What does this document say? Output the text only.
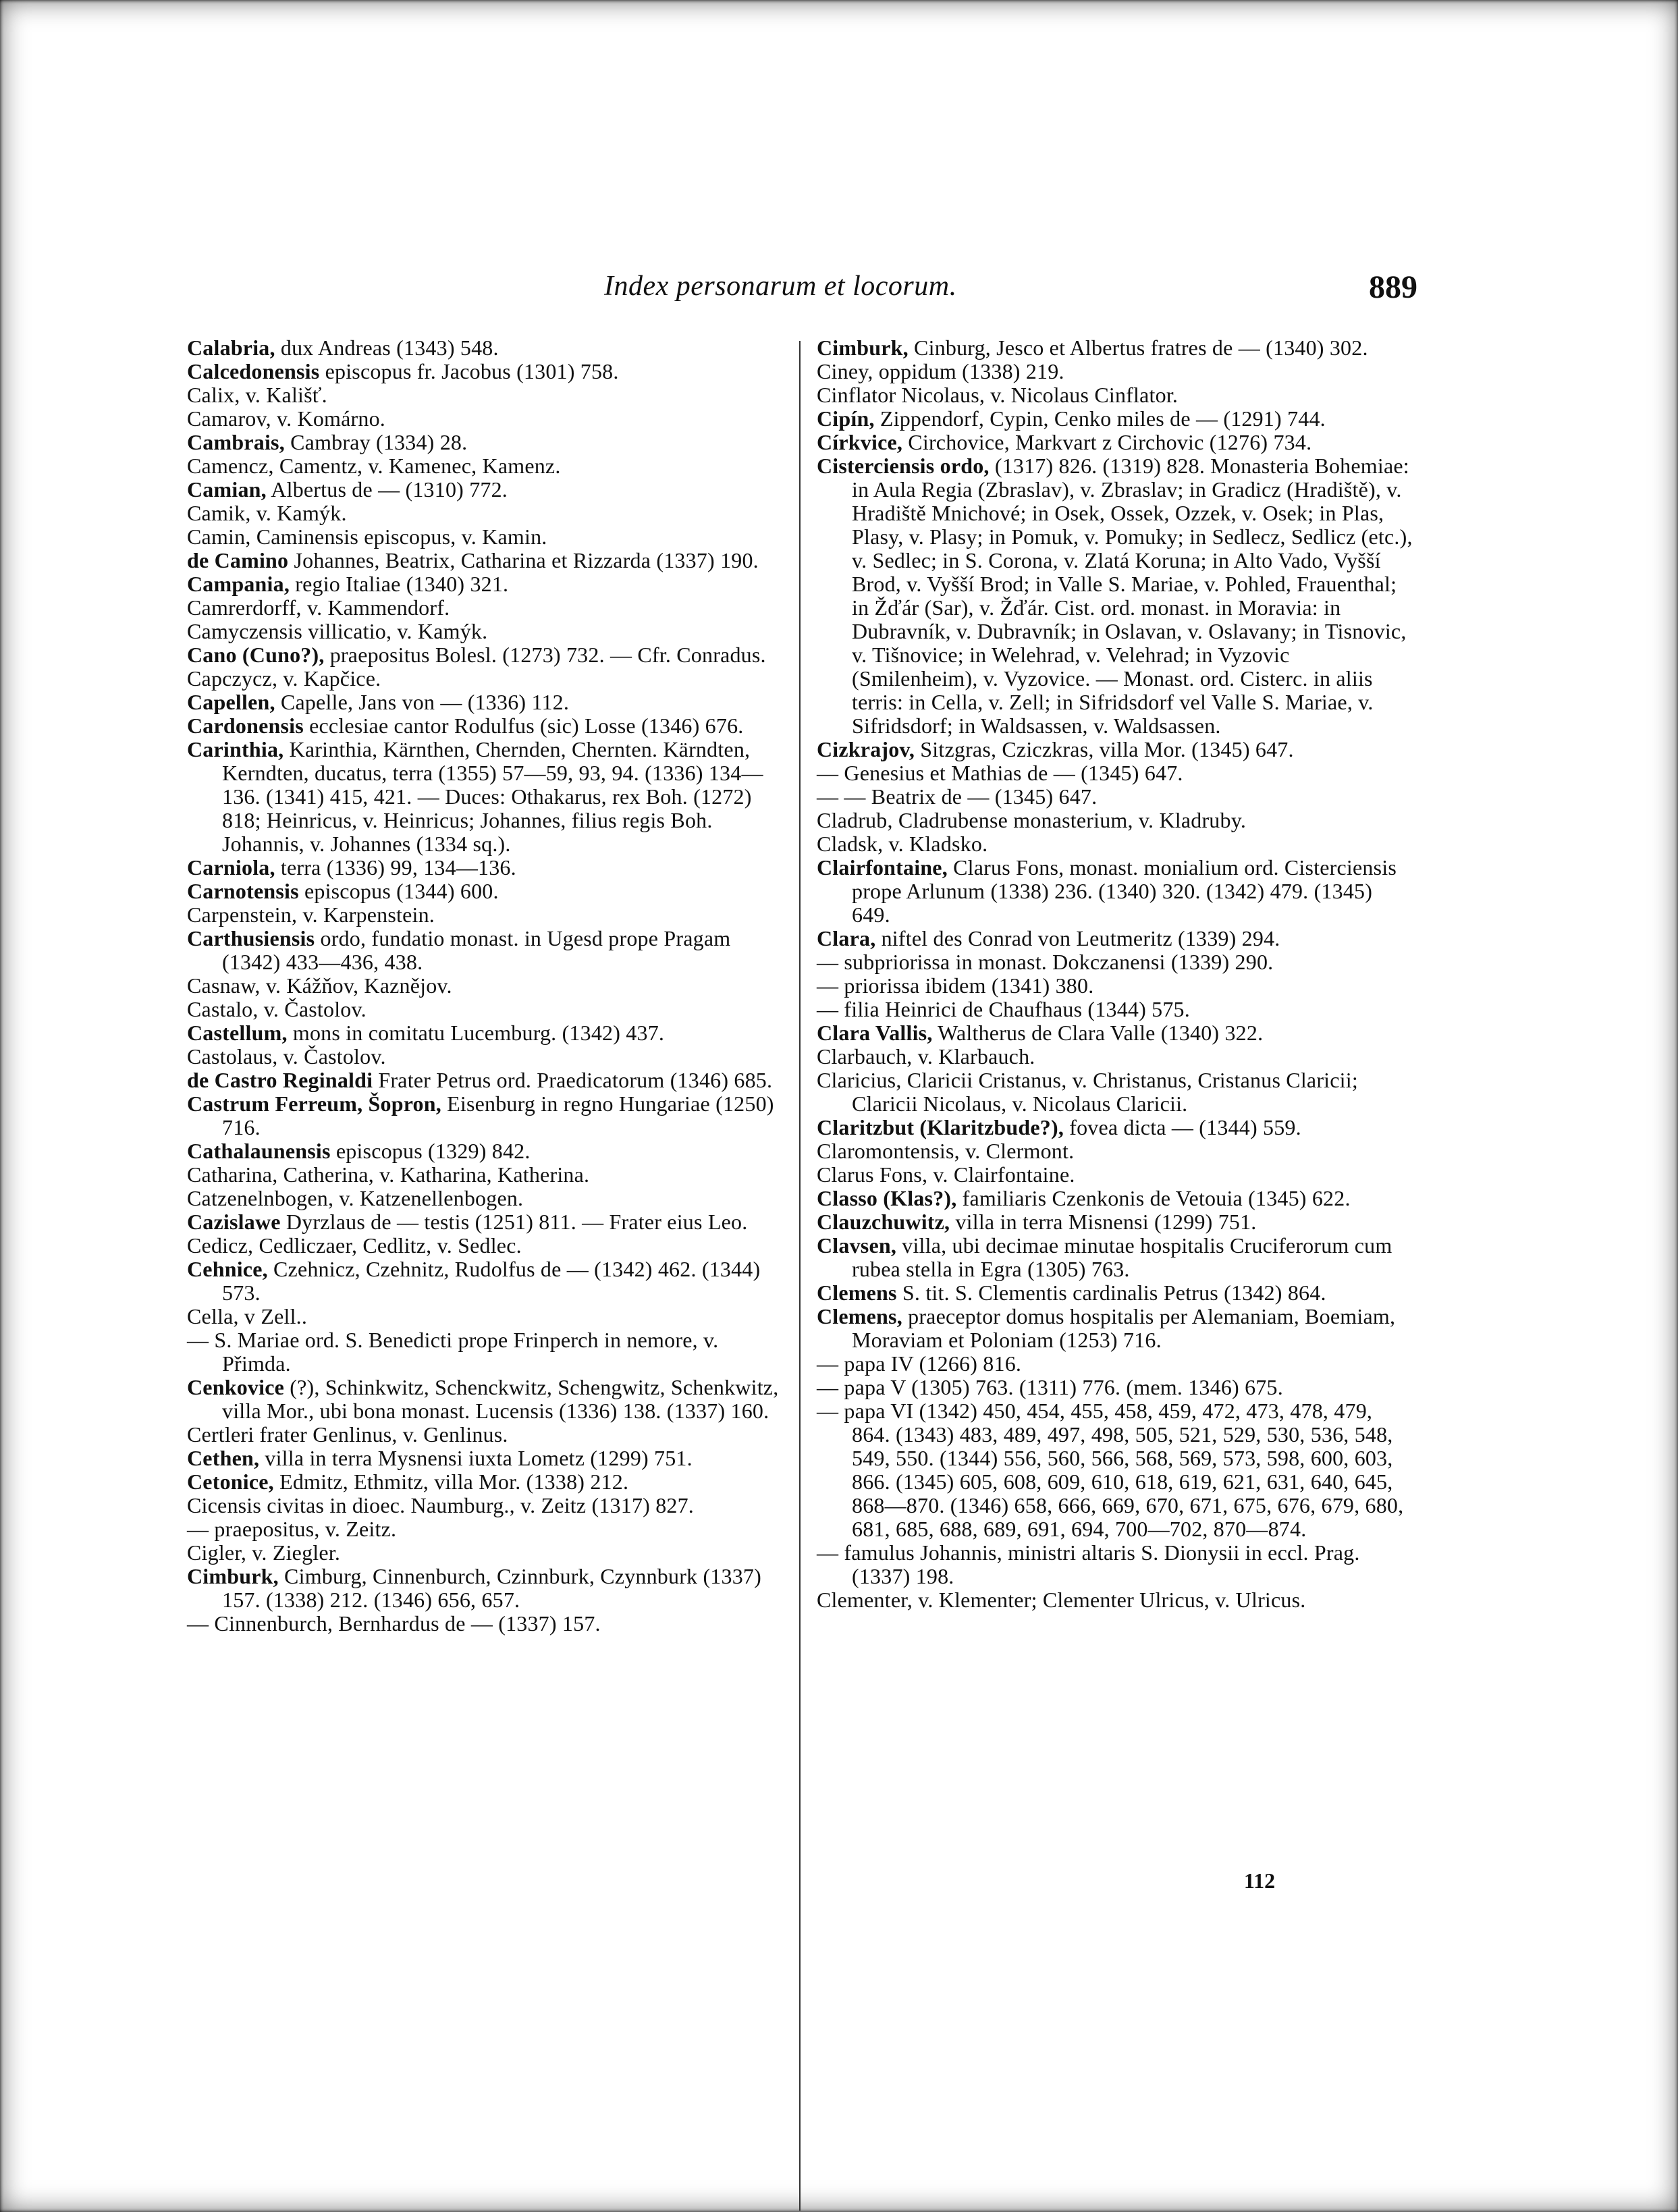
Index personarum et locorum.	889

Calabria, dux Andreas (1343) 548.

Calcedonensis episcopus fr. Jacobus (1301) 758.

Calix, v. Kališť.

Camarov, v. Komárno.

Cambrais, Cambray (1334) 28.

Camencz, Camentz, v. Kamenec, Kamenz.

Camian, Albertus de — (1310) 772.

Camik, v. Kamýk.

Camin, Caminensis episcopus, v. Kamin.

de Camino Johannes, Beatrix, Catharina et Rizzarda (1337) 190.

Campania, regio Italiae (1340) 321.

Camrerdorff, v. Kammendorf.

Camyczensis villicatio, v. Kamýk.

Cano (Cuno?), praepositus Bolesl. (1273) 732. — Cfr. Conradus.

Capczycz, v. Kapčice.

Capellen, Capelle, Jans von — (1336) 112.

Cardonensis ecclesiae cantor Rodulfus (sic) Losse (1346) 676.

Carinthia, Karinthia, Kärnthen, Chernden, Chernten. Kärndten, Kerndten, ducatus, terra (1355) 57—59, 93, 94. (1336) 134—136. (1341) 415, 421. — Duces: Othakarus, rex Boh. (1272) 818; Heinricus, v. Heinricus; Johannes, filius regis Boh. Johannis, v. Johannes (1334 sq.).

Carniola, terra (1336) 99, 134—136.

Carnotensis episcopus (1344) 600.

Carpenstein, v. Karpenstein.

Carthusiensis ordo, fundatio monast. in Ugesd prope Pragam (1342) 433—436, 438.

Casnaw, v. Kážňov, Kaznějov.

Castalo, v. Častolov.

Castellum, mons in comitatu Lucemburg. (1342) 437.

Castolaus, v. Častolov.

de Castro Reginaldi Frater Petrus ord. Praedicatorum (1346) 685.

Castrum Ferreum, Šopron, Eisenburg in regno Hungariae (1250) 716.

Cathalaunensis episcopus (1329) 842.

Catharina, Catherina, v. Katharina, Katherina.

Catzenelnbogen, v. Katzenellenbogen.

Cazislawe Dyrzlaus de — testis (1251) 811. — Frater eius Leo.

Cedicz, Cedliczaer, Cedlitz, v. Sedlec.

Cehnice, Czehnicz, Czehnitz, Rudolfus de — (1342) 462. (1344) 573.

Cella, v Zell..

— S. Mariae ord. S. Benedicti prope Frinperch in nemore, v. Přimda.

Cenkovice (?), Schinkwitz, Schenckwitz, Schengwitz, Schenkwitz, villa Mor., ubi bona monast. Lucensis (1336) 138. (1337) 160.

Certleri frater Genlinus, v. Genlinus.

Cethen, villa in terra Mysnensi iuxta Lometz (1299) 751.

Cetonice, Edmitz, Ethmitz, villa Mor. (1338) 212.

Cicensis civitas in dioec. Naumburg., v. Zeitz (1317) 827.

— praepositus, v. Zeitz.

Cigler, v. Ziegler.

Cimburk, Cimburg, Cinnenburch, Czinnburk, Czynnburk (1337) 157. (1338) 212. (1346) 656, 657.

— Cinnenburch, Bernhardus de — (1337) 157.

Cimburk, Cinburg, Jesco et Albertus fratres de — (1340) 302.

Ciney, oppidum (1338) 219.

Cinflator Nicolaus, v. Nicolaus Cinflator.

Cipín, Zippendorf, Cypin, Cenko miles de — (1291) 744.

Církvice, Circhovice, Markvart z Circhovic (1276) 734.

Cisterciensis ordo, (1317) 826. (1319) 828. Monasteria Bohemiae: in Aula Regia (Zbraslav), v. Zbraslav; in Gradicz (Hradiště), v. Hradiště Mnichové; in Osek, Ossek, Ozzek, v. Osek; in Plas, Plasy, v. Plasy; in Pomuk, v. Pomuky; in Sedlecz, Sedlicz (etc.), v. Sedlec; in S. Corona, v. Zlatá Koruna; in Alto Vado, Vyšší Brod, v. Vyšší Brod; in Valle S. Mariae, v. Pohled, Frauenthal; in Žďár (Sar), v. Žďár. Cist. ord. monast. in Moravia: in Dubravník, v. Dubravník; in Oslavan, v. Oslavany; in Tisnovic, v. Tišnovice; in Welehrad, v. Velehrad; in Vyzovic (Smilenheim), v. Vyzovice. — Monast. ord. Cisterc. in aliis terris: in Cella, v. Zell; in Sifridsdorf vel Valle S. Mariae, v. Sifridsdorf; in Waldsassen, v. Waldsassen.

Cizkrajov, Sitzgras, Cziczkras, villa Mor. (1345) 647.

— Genesius et Mathias de — (1345) 647.

— — Beatrix de — (1345) 647.

Cladrub, Cladrubense monasterium, v. Kladruby.

Cladsk, v. Kladsko.

Clairfontaine, Clarus Fons, monast. monialium ord. Cisterciensis prope Arlunum (1338) 236. (1340) 320. (1342) 479. (1345) 649.

Clara, niftel des Conrad von Leutmeritz (1339) 294.

— subpriorissa in monast. Dokczanensi (1339) 290.

— priorissa ibidem (1341) 380.

— filia Heinrici de Chaufhaus (1344) 575.

Clara Vallis, Waltherus de Clara Valle (1340) 322.

Clarbauch, v. Klarbauch.

Claricius, Claricii Cristanus, v. Christanus, Cristanus Claricii; Claricii Nicolaus, v. Nicolaus Claricii.

Claritzbut (Klaritzbude?), fovea dicta — (1344) 559.

Claromontensis, v. Clermont.

Clarus Fons, v. Clairfontaine.

Classo (Klas?), familiaris Czenkonis de Vetouia (1345) 622.

Clauzchuwitz, villa in terra Misnensi (1299) 751.

Clavsen, villa, ubi decimae minutae hospitalis Cruciferorum cum rubea stella in Egra (1305) 763.

Clemens S. tit. S. Clementis cardinalis Petrus (1342) 864.

Clemens, praeceptor domus hospitalis per Alemaniam, Boemiam, Moraviam et Poloniam (1253) 716.

— papa IV (1266) 816.

— papa V (1305) 763. (1311) 776. (mem. 1346) 675.

— papa VI (1342) 450, 454, 455, 458, 459, 472, 473, 478, 479, 864. (1343) 483, 489, 497, 498, 505, 521, 529, 530, 536, 548, 549, 550. (1344) 556, 560, 566, 568, 569, 573, 598, 600, 603, 866. (1345) 605, 608, 609, 610, 618, 619, 621, 631, 640, 645, 868—870. (1346) 658, 666, 669, 670, 671, 675, 676, 679, 680, 681, 685, 688, 689, 691, 694, 700—702, 870—874.

— famulus Johannis, ministri altaris S. Dionysii in eccl. Prag. (1337) 198.

Clementer, v. Klementer; Clementer Ulricus, v. Ulricus.

112
